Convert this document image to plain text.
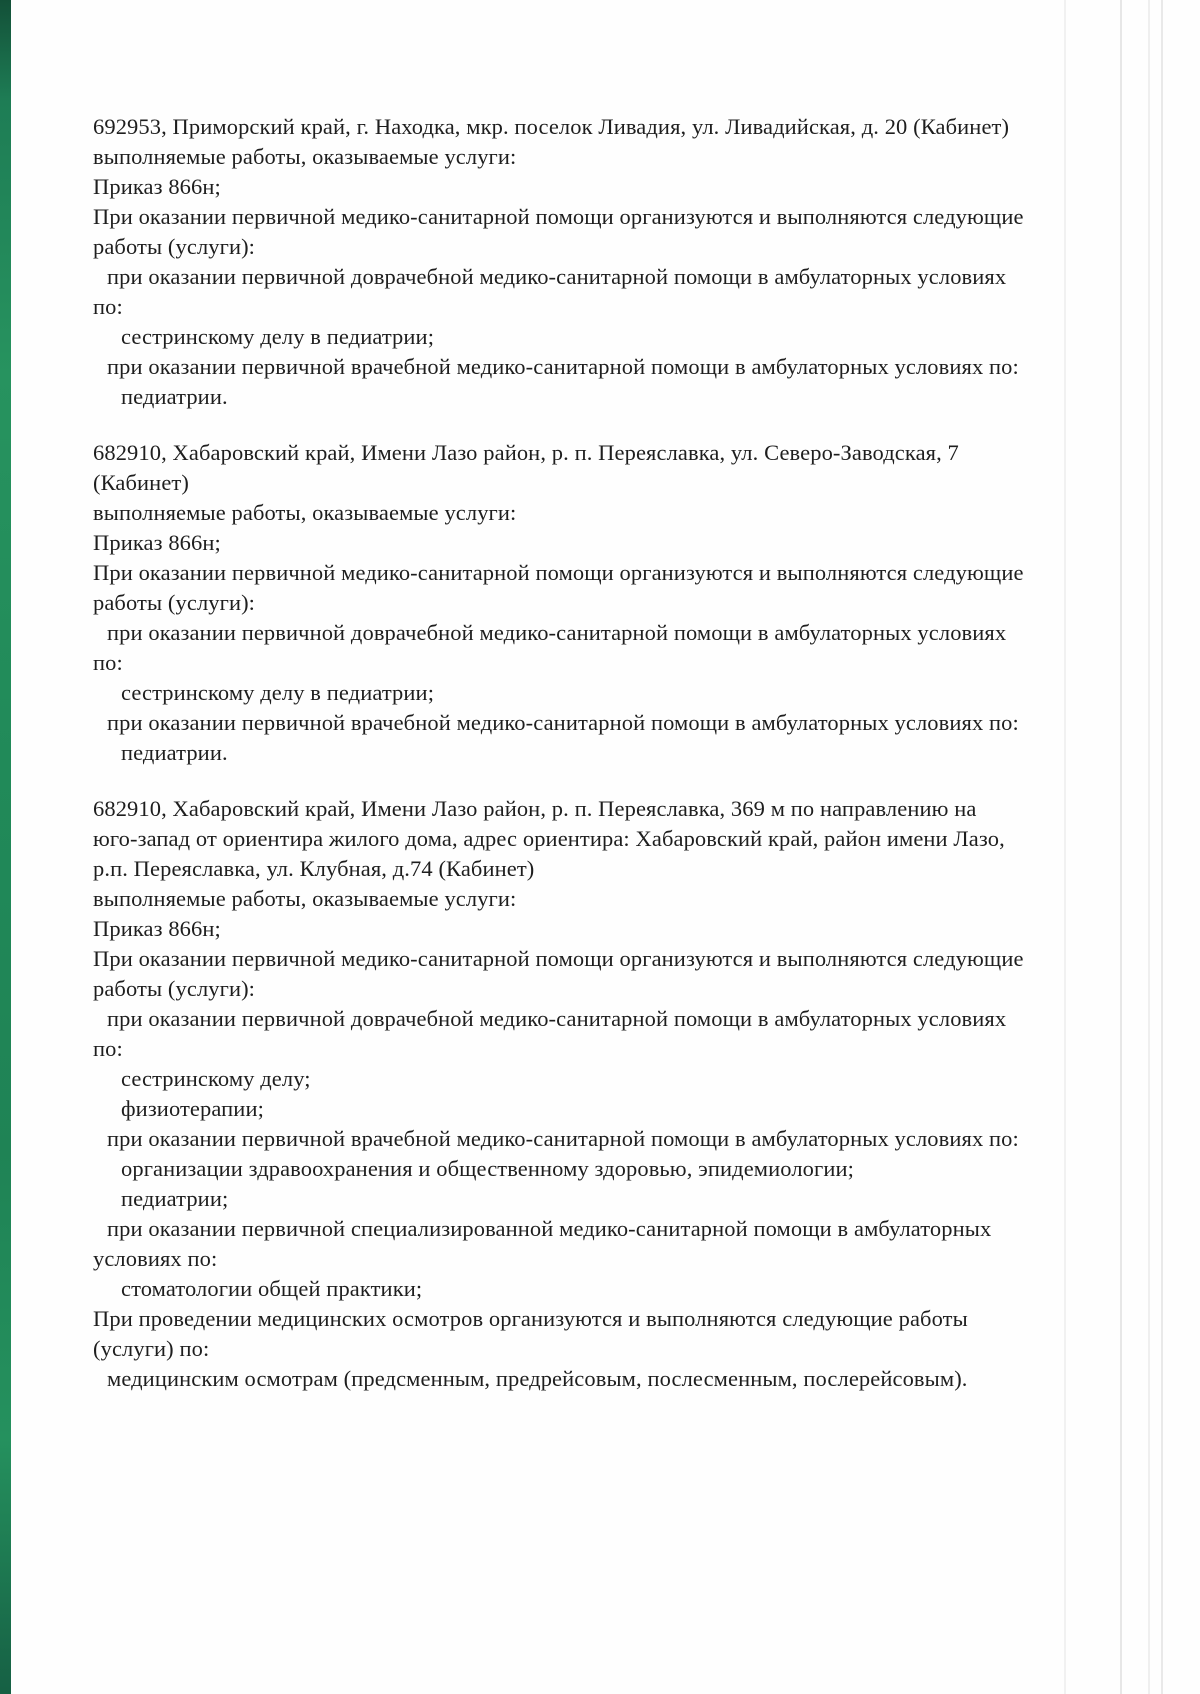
692953, Приморский край, г. Находка, мкр. поселок Ливадия, ул. Ливадийская, д. 20 (Кабинет)
выполняемые работы, оказываемые услуги:
Приказ 866н;
При оказании первичной медико-санитарной помощи организуются и выполняются следующие
работы (услуги):
при оказании первичной доврачебной медико-санитарной помощи в амбулаторных условиях
по:
сестринскому делу в педиатрии;
при оказании первичной врачебной медико-санитарной помощи в амбулаторных условиях по:
педиатрии.
682910, Хабаровский край, Имени Лазо район, р. п. Переяславка, ул. Северо-Заводская, 7
(Кабинет)
выполняемые работы, оказываемые услуги:
Приказ 866н;
При оказании первичной медико-санитарной помощи организуются и выполняются следующие
работы (услуги):
при оказании первичной доврачебной медико-санитарной помощи в амбулаторных условиях
по:
сестринскому делу в педиатрии;
при оказании первичной врачебной медико-санитарной помощи в амбулаторных условиях по:
педиатрии.
682910, Хабаровский край, Имени Лазо район, р. п. Переяславка, 369 м по направлению на
юго-запад от ориентира жилого дома, адрес ориентира: Хабаровский край, район имени Лазо,
р.п. Переяславка, ул. Клубная, д.74 (Кабинет)
выполняемые работы, оказываемые услуги:
Приказ 866н;
При оказании первичной медико-санитарной помощи организуются и выполняются следующие
работы (услуги):
при оказании первичной доврачебной медико-санитарной помощи в амбулаторных условиях
по:
сестринскому делу;
физиотерапии;
при оказании первичной врачебной медико-санитарной помощи в амбулаторных условиях по:
организации здравоохранения и общественному здоровью, эпидемиологии;
педиатрии;
при оказании первичной специализированной медико-санитарной помощи в амбулаторных
условиях по:
стоматологии общей практики;
При проведении медицинских осмотров организуются и выполняются следующие работы
(услуги) по:
медицинским осмотрам (предсменным, предрейсовым, послесменным, послерейсовым).
